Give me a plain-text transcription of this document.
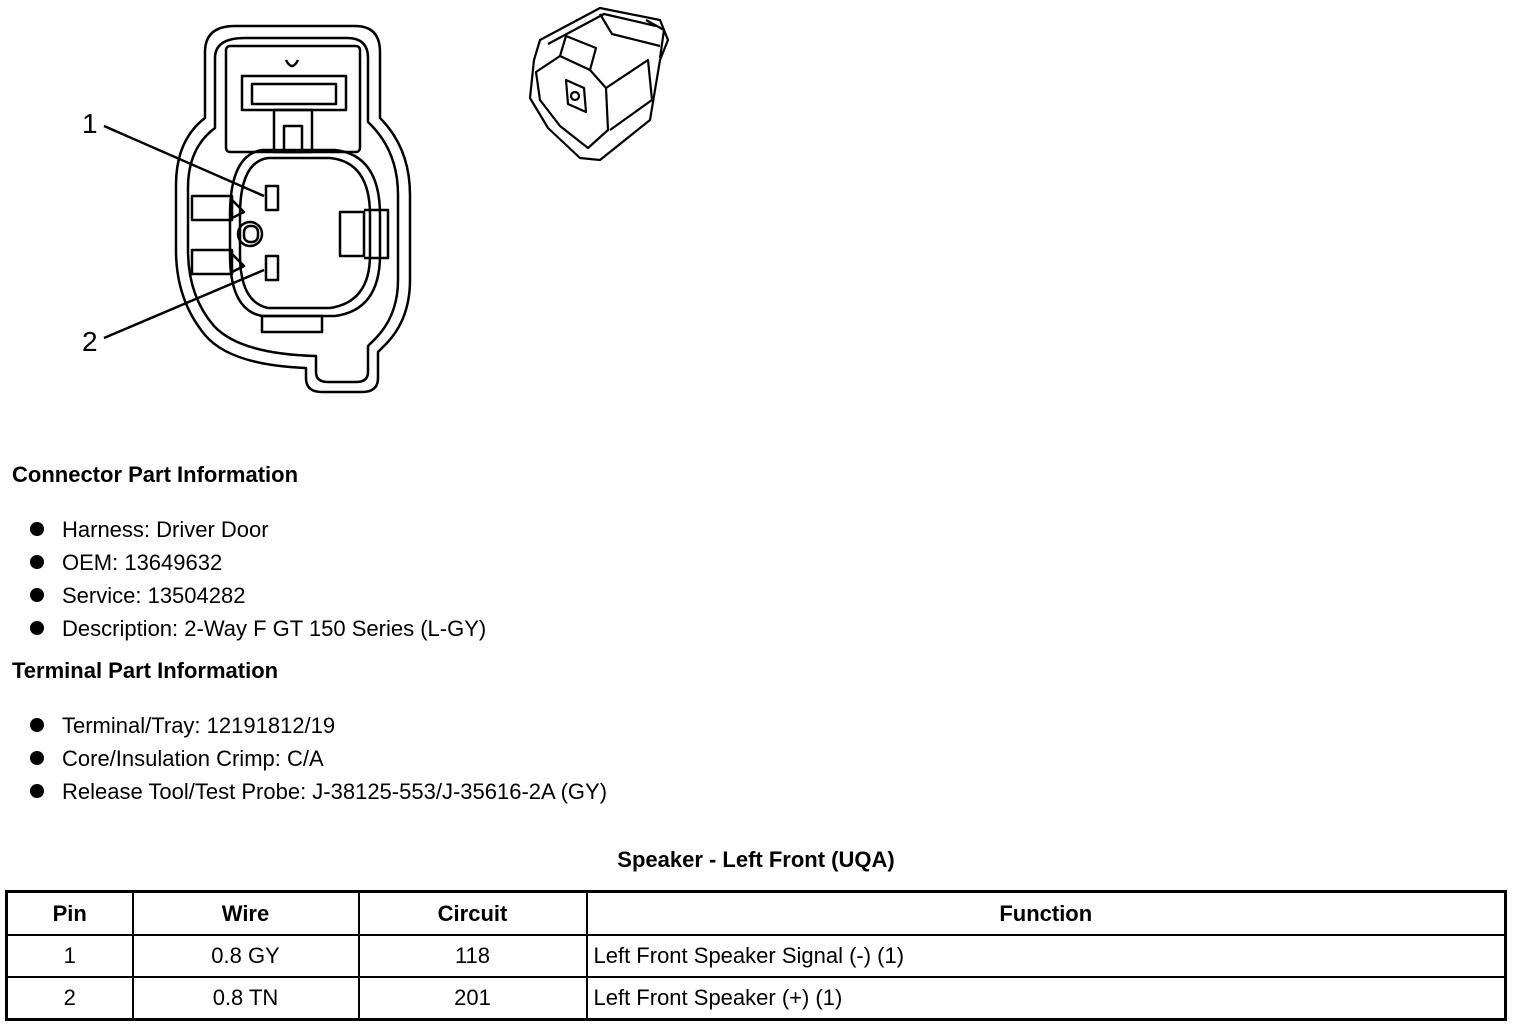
1
2
Connector Part Information
Harness: Driver Door
OEM: 13649632
Service: 13504282
Description: 2-Way F GT 150 Series (L-GY)
Terminal Part Information
Terminal/Tray: 12191812/19
Core/Insulation Crimp: C/A
Release Tool/Test Probe: J-38125-553/J-35616-2A (GY)
Speaker - Left Front (UQA)
Pin	Wire	Circuit	Function
1	0.8 GY	118	Left Front Speaker Signal (-) (1)
2	0.8 TN	201	Left Front Speaker (+) (1)
